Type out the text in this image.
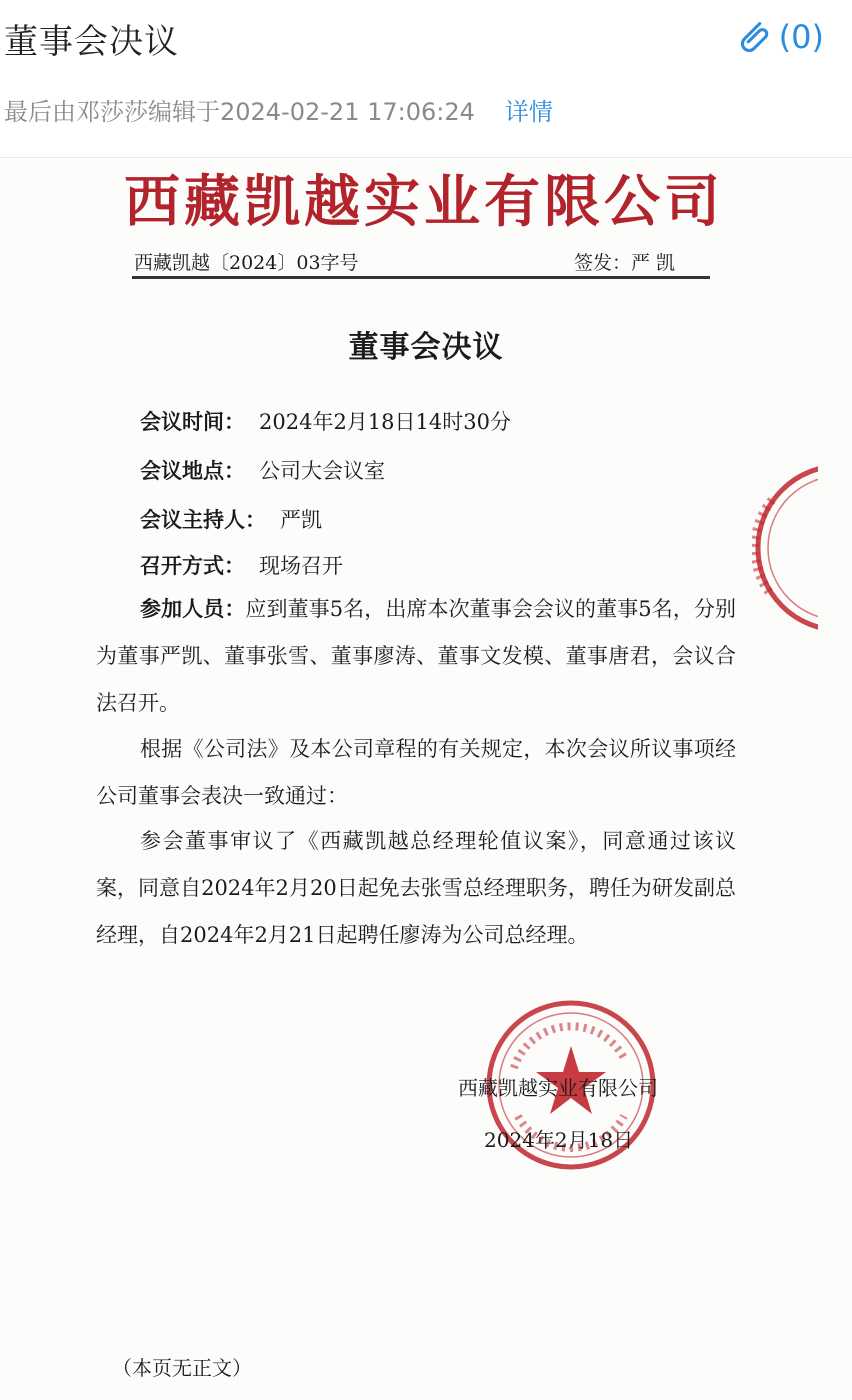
董事会决议	(0)
最后由邓莎莎编辑于2024-02-21 17:06:24 详情
西藏凯越实业有限公司
西藏凯越〔2024〕03字号	签发：严 凯
董事会决议
会议时间： 2024年2月18日14时30分
会议地点： 公司大会议室
会议主持人： 严凯
召开方式： 现场召开
参加人员：应到董事5名，出席本次董事会会议的董事5名，分别为董事严凯、董事张雪、董事廖涛、董事文发模、董事唐君，会议合法召开。
根据《公司法》及本公司章程的有关规定，本次会议所议事项经公司董事会表决一致通过：
参会董事审议了《西藏凯越总经理轮值议案》，同意通过该议案，同意自2024年2月20日起免去张雪总经理职务，聘任为研发副总经理，自2024年2月21日起聘任廖涛为公司总经理。
西藏凯越实业有限公司
2024年2月18日
（本页无正文）
